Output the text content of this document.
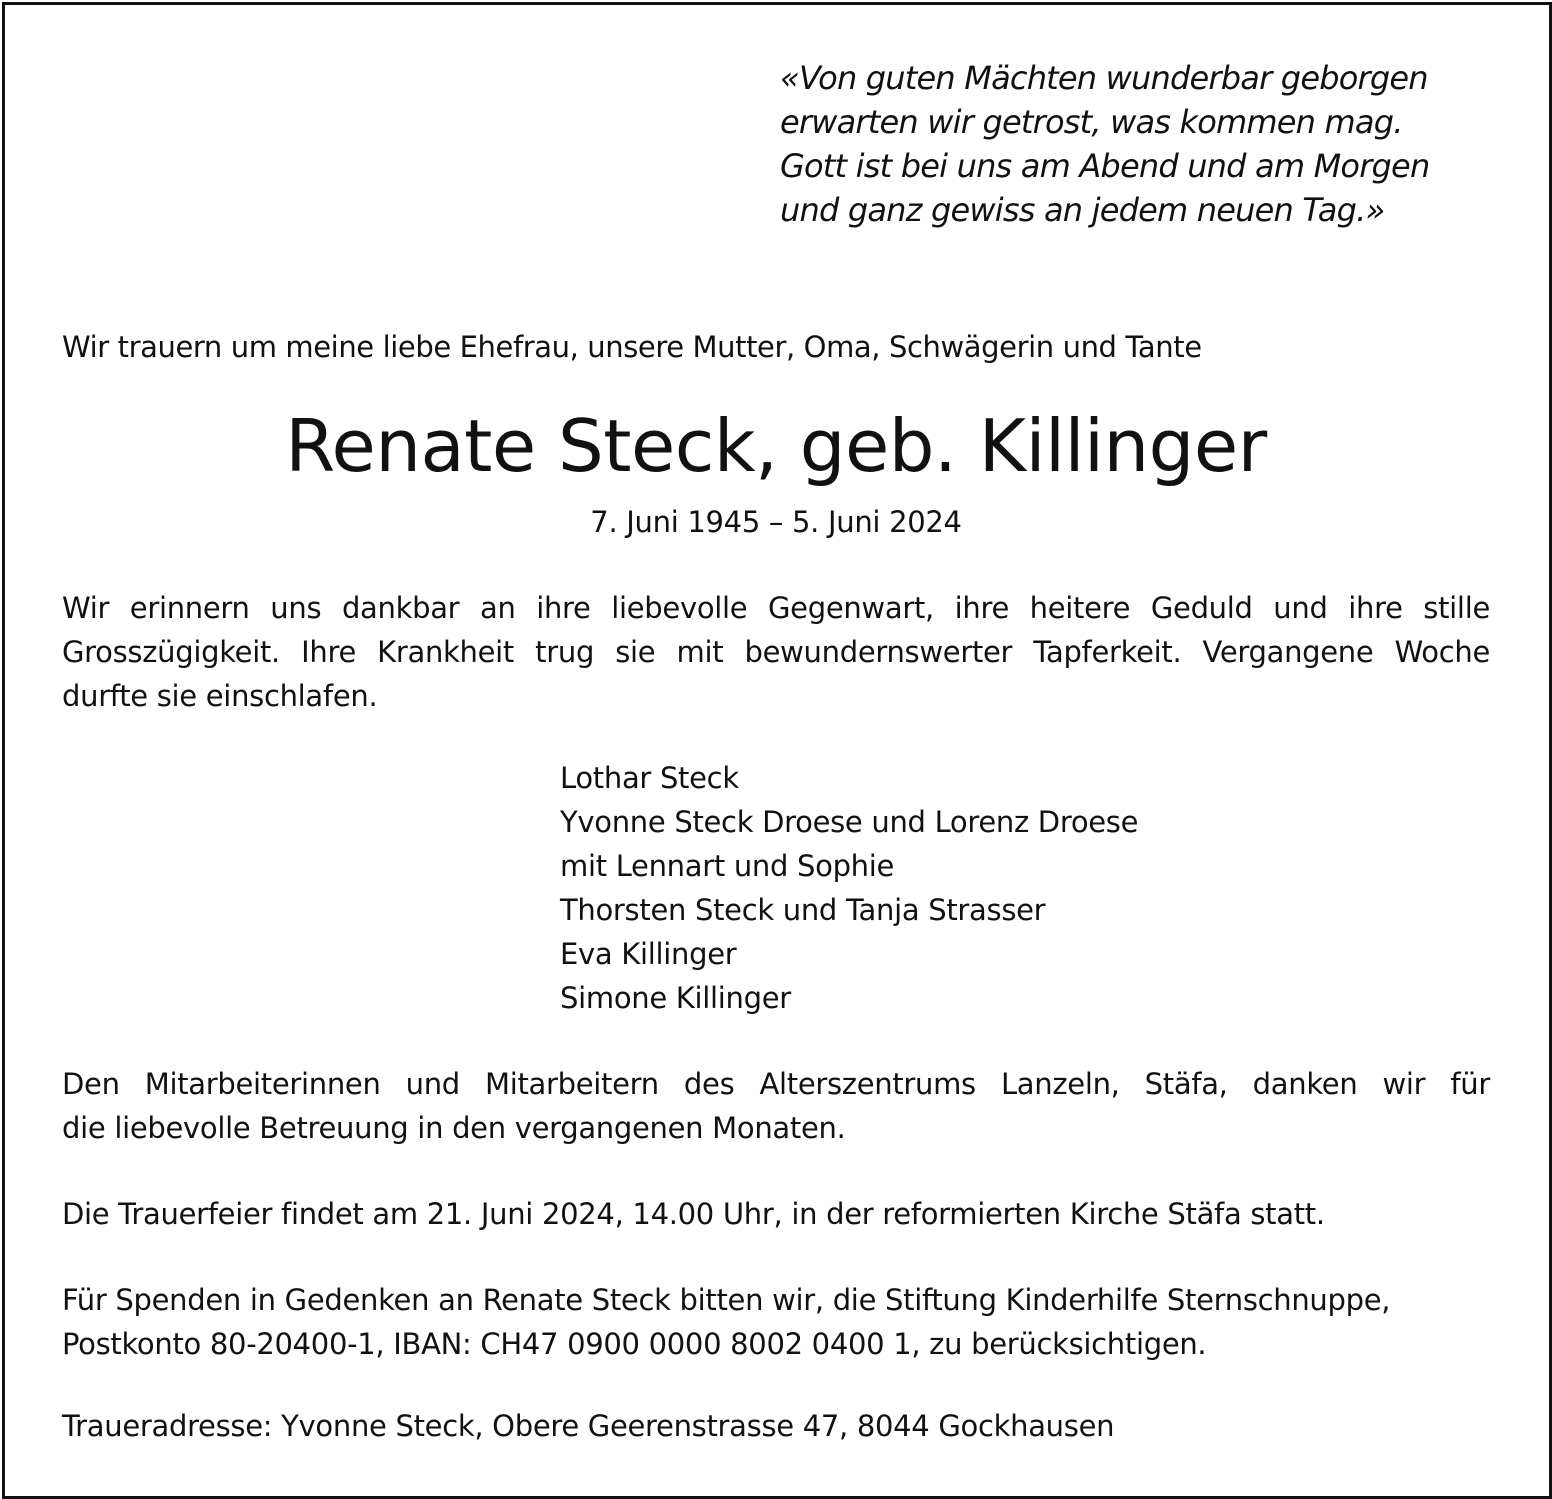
«Von guten Mächten wunderbar geborgen
erwarten wir getrost, was kommen mag.
Gott ist bei uns am Abend und am Morgen
und ganz gewiss an jedem neuen Tag.»

Wir trauern um meine liebe Ehefrau, unsere Mutter, Oma, Schwägerin und Tante

Renate Steck, geb. Killinger

7. Juni 1945 – 5. Juni 2024

Wir erinnern uns dankbar an ihre liebevolle Gegenwart, ihre heitere Geduld und ihre stille
Grosszügigkeit. Ihre Krankheit trug sie mit bewundernswerter Tapferkeit. Vergangene Woche
durfte sie einschlafen.
Lothar Steck
Yvonne Steck Droese und Lorenz Droese
mit Lennart und Sophie
Thorsten Steck und Tanja Strasser
Eva Killinger
Simone Killinger
Den Mitarbeiterinnen und Mitarbeitern des Alterszentrums Lanzeln, Stäfa, danken wir für
die liebevolle Betreuung in den vergangenen Monaten.

Die Trauerfeier findet am 21. Juni 2024, 14.00 Uhr, in der reformierten Kirche Stäfa statt.

Für Spenden in Gedenken an Renate Steck bitten wir, die Stiftung Kinderhilfe Sternschnuppe,
Postkonto 80-20400-1, IBAN: CH47 0900 0000 8002 0400 1, zu berücksichtigen.

Traueradresse: Yvonne Steck, Obere Geerenstrasse 47, 8044 Gockhausen
